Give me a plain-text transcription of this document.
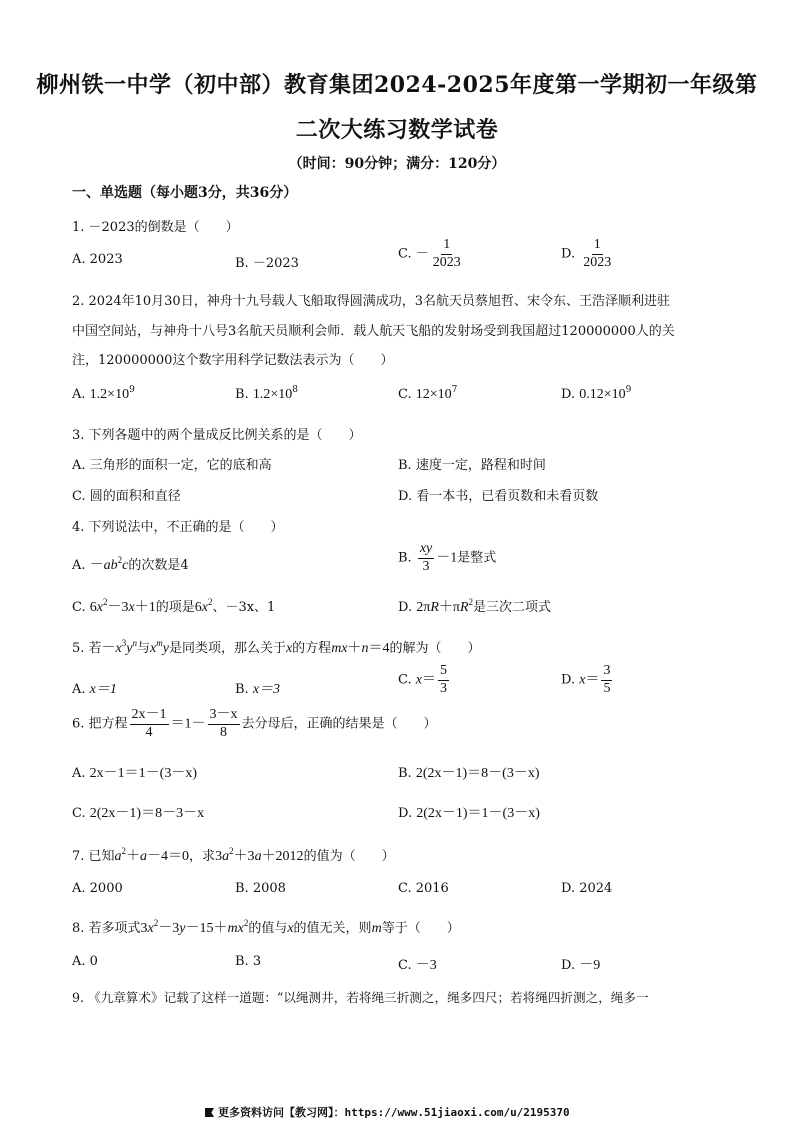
柳州铁一中学（初中部）教育集团2024-2025年度第一学期初一年级第
二次大练习数学试卷
（时间：90分钟；满分：120分）
一、单选题（每小题3分，共36分）
1. －2023的倒数是（　　）
A. 2023	B. －2023
C. － $\frac{1}{2023}$	D. $\frac{1}{2023}$
2. 2024年10月30日，神舟十九号载人飞船取得圆满成功，3名航天员蔡旭哲、宋令东、王浩泽顺利进驻
中国空间站，与神舟十八号3名航天员顺利会师．载人航天飞船的发射场受到我国超过120000000人的关
注，120000000这个数字用科学记数法表示为（　　）
A. $1.2\times 10^9$	B. $1.2\times 10^8$	C. $12\times 10^7$	D. $0.12\times 10^9$
3. 下列各题中的两个量成反比例关系的是（　　）
A. 三角形的面积一定，它的底和高	B. 速度一定，路程和时间
C. 圆的面积和直径	D. 看一本书，已看页数和未看页数
4. 下列说法中，不正确的是（　　）
A. $-ab^2c$的次数是4	B. $\frac{xy}{3} -1$是整式
C. $6x^2-3x+1$的项是$6x^2$、－3x、1	D. $2\pi R+\pi R^2$是三次二项式
5. 若$-x^3y^n$与$x^my$是同类项，那么关于x的方程mx＋n＝4的解为（　　）
A. x＝1	B. x＝3
C. $x= \frac{5}{3}$	D. $x= \frac{3}{5}$
6. 把方程 $\frac{2x-1}{4} =1- \frac{3-x}{8}$ 去分母后，正确的结果是（　　）
A. 2x－1＝1－(3－x)	B. 2(2x－1)＝8－(3－x)
C. 2(2x－1)＝8－3－x	D. 2(2x－1)＝1－(3－x)
7. 已知$a^2+a-4=0$，求$3a^2+3a+2012$的值为（　　）
A. 2000	B. 2008	C. 2016	D. 2024
8. 若多项式$3x^2-3y-15+mx^2$的值与x的值无关，则m等于（　　）
A. 0	B. 3	C. －3	D. －9
9. 《九章算术》记载了这样一道题：“以绳测井，若将绳三折测之，绳多四尺；若将绳四折测之，绳多一
更多资料访问【教习网】：https://www.51jiaoxi.com/u/2195370
